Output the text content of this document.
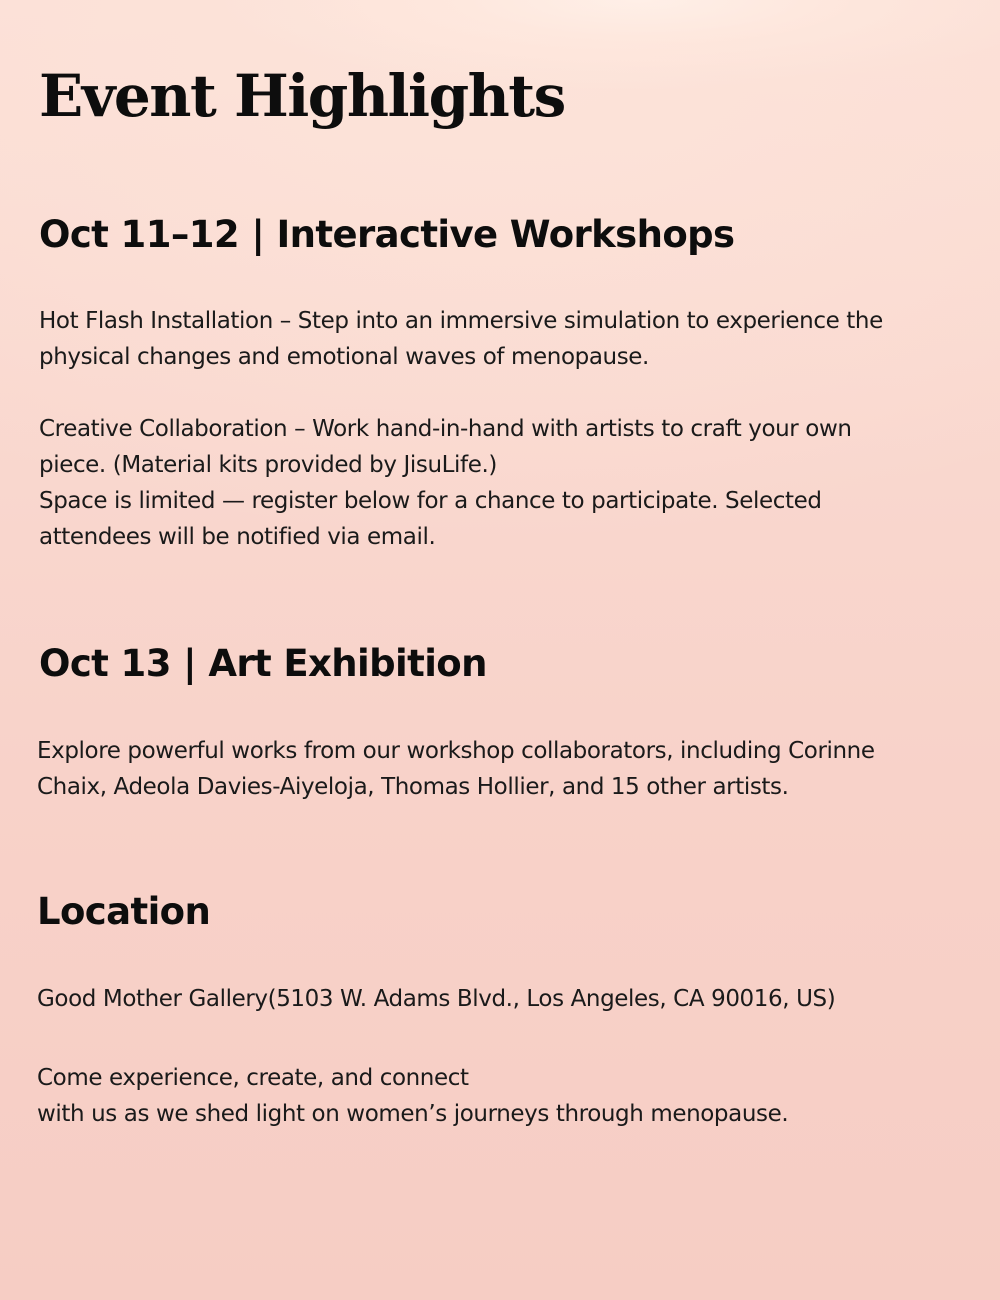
Event Highlights
Oct 11–12 | Interactive Workshops

Hot Flash Installation – Step into an immersive simulation to experience the
physical changes and emotional waves of menopause.

Creative Collaboration – Work hand-in-hand with artists to craft your own
piece. (Material kits provided by JisuLife.)
Space is limited — register below for a chance to participate. Selected
attendees will be notified via email.

Oct 13 | Art Exhibition

Explore powerful works from our workshop collaborators, including Corinne
Chaix, Adeola Davies-Aiyeloja, Thomas Hollier, and 15 other artists.

Location

Good Mother Gallery(5103 W. Adams Blvd., Los Angeles, CA 90016, US)

Come experience, create, and connect
with us as we shed light on women’s journeys through menopause.
